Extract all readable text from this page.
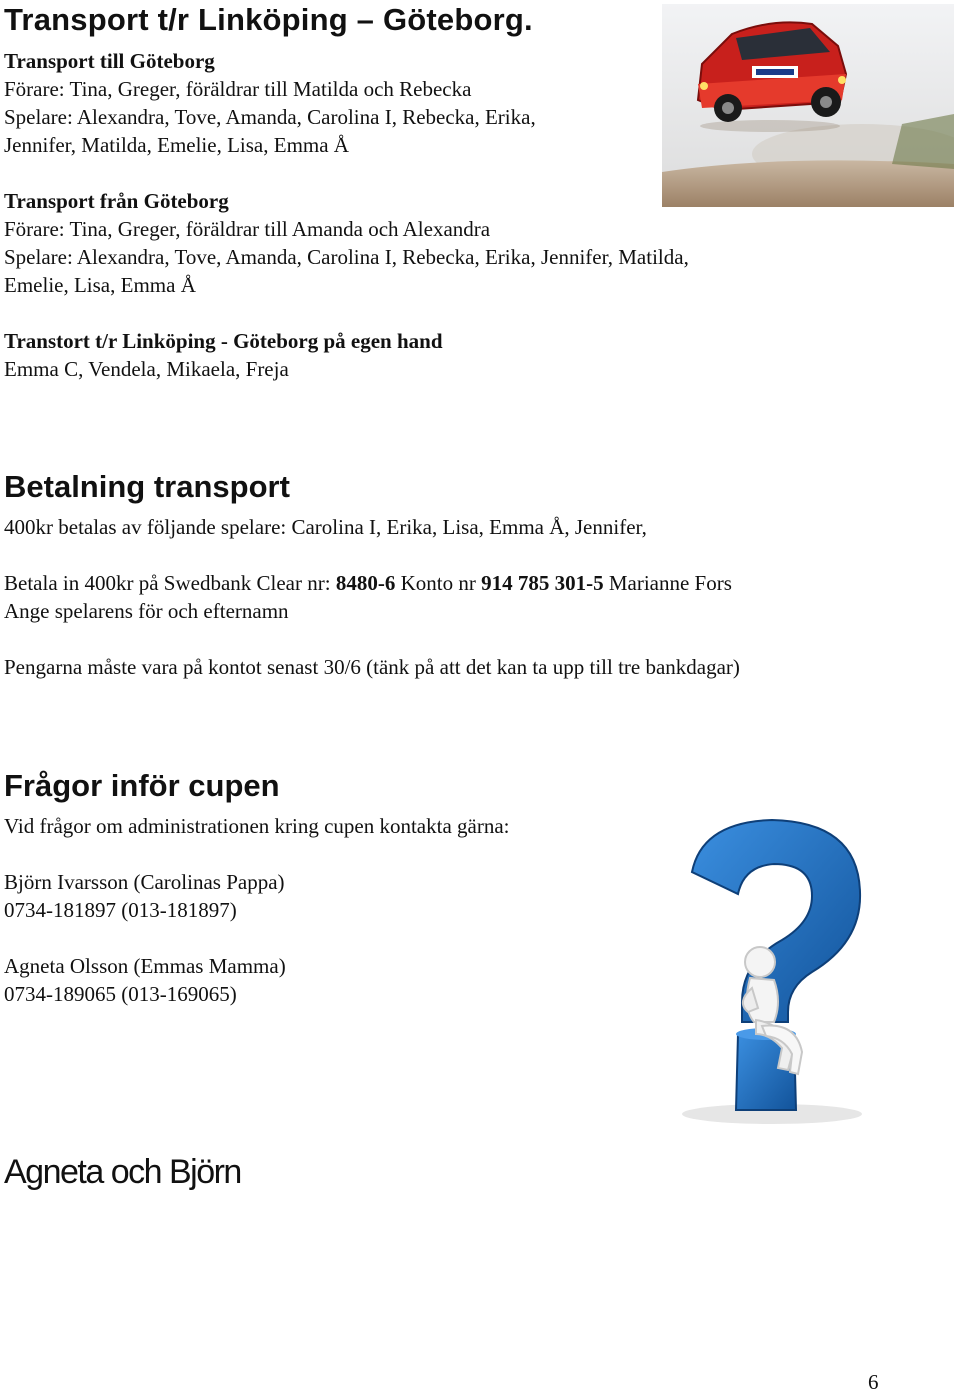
Transport t/r Linköping – Göteborg.
Transport till Göteborg
Förare: Tina, Greger, föräldrar till Matilda och Rebecka
Spelare: Alexandra, Tove, Amanda, Carolina I, Rebecka, Erika,
Jennifer, Matilda, Emelie, Lisa, Emma Å
Transport från Göteborg
Förare: Tina, Greger, föräldrar till Amanda och Alexandra
Spelare: Alexandra, Tove, Amanda, Carolina I, Rebecka, Erika, Jennifer, Matilda,
Emelie, Lisa, Emma Å
Transtort t/r Linköping - Göteborg på egen hand
Emma C, Vendela, Mikaela, Freja
Betalning transport
400kr betalas av följande spelare: Carolina I, Erika, Lisa, Emma Å, Jennifer,
Betala in 400kr på Swedbank Clear nr: 8480-6 Konto nr 914 785 301-5 Marianne Fors
Ange spelarens för och efternamn
Pengarna måste vara på kontot senast 30/6 (tänk på att det kan ta upp till tre bankdagar)
Frågor inför cupen
Vid frågor om administrationen kring cupen kontakta gärna:
Björn Ivarsson (Carolinas Pappa)
0734-181897 (013-181897)
Agneta Olsson (Emmas Mamma)
0734-189065 (013-169065)
Agneta och Björn
6
